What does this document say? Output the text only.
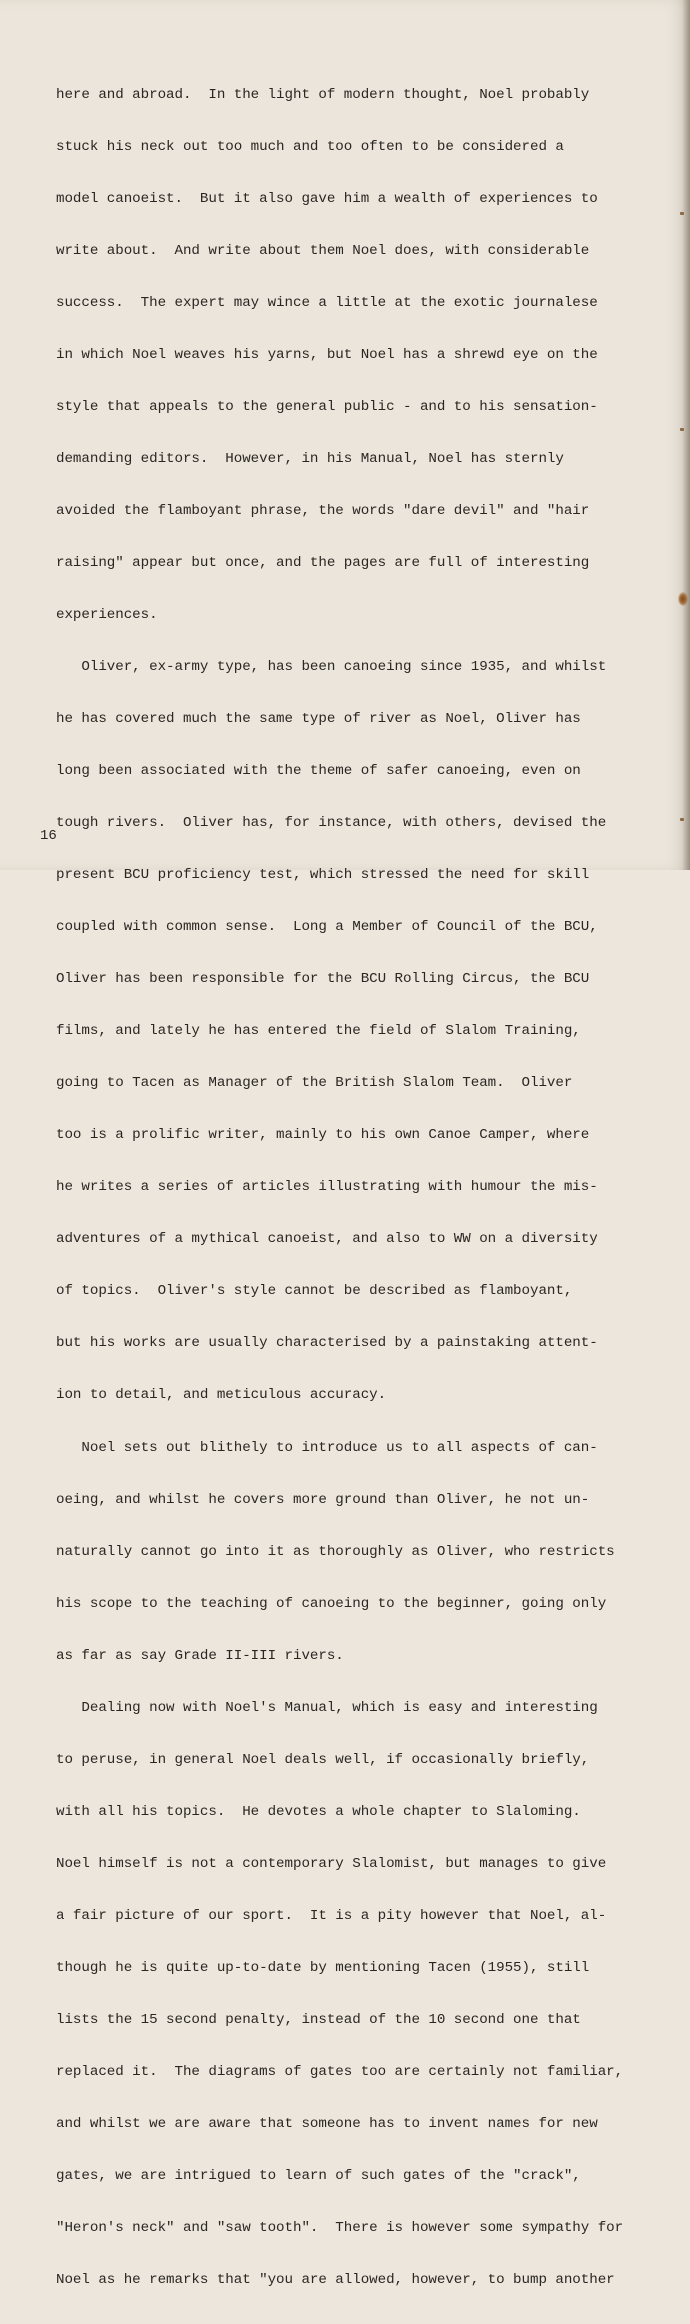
here and abroad.  In the light of modern thought, Noel probably

stuck his neck out too much and too often to be considered a

model canoeist.  But it also gave him a wealth of experiences to

write about.  And write about them Noel does, with considerable

success.  The expert may wince a little at the exotic journalese

in which Noel weaves his yarns, but Noel has a shrewd eye on the

style that appeals to the general public - and to his sensation-

demanding editors.  However, in his Manual, Noel has sternly

avoided the flamboyant phrase, the words "dare devil" and "hair

raising" appear but once, and the pages are full of interesting

experiences.

Oliver, ex-army type, has been canoeing since 1935, and whilst

he has covered much the same type of river as Noel, Oliver has

long been associated with the theme of safer canoeing, even on

tough rivers.  Oliver has, for instance, with others, devised the

present BCU proficiency test, which stressed the need for skill

coupled with common sense.  Long a Member of Council of the BCU,

Oliver has been responsible for the BCU Rolling Circus, the BCU

films, and lately he has entered the field of Slalom Training,

going to Tacen as Manager of the British Slalom Team.  Oliver

too is a prolific writer, mainly to his own Canoe Camper, where

he writes a series of articles illustrating with humour the mis-

adventures of a mythical canoeist, and also to WW on a diversity

of topics.  Oliver's style cannot be described as flamboyant,

but his works are usually characterised by a painstaking attent-

ion to detail, and meticulous accuracy.

Noel sets out blithely to introduce us to all aspects of can-

oeing, and whilst he covers more ground than Oliver, he not un-

naturally cannot go into it as thoroughly as Oliver, who restricts

his scope to the teaching of canoeing to the beginner, going only

as far as say Grade II-III rivers.

Dealing now with Noel's Manual, which is easy and interesting

to peruse, in general Noel deals well, if occasionally briefly,

with all his topics.  He devotes a whole chapter to Slaloming.

Noel himself is not a contemporary Slalomist, but manages to give

a fair picture of our sport.  It is a pity however that Noel, al-

though he is quite up-to-date by mentioning Tacen (1955), still

lists the 15 second penalty, instead of the 10 second one that

replaced it.  The diagrams of gates too are certainly not familiar,

and whilst we are aware that someone has to invent names for new

gates, we are intrigued to learn of such gates of the "crack",

"Heron's neck" and "saw tooth".  There is however some sympathy for

Noel as he remarks that "you are allowed, however, to bump another

16
